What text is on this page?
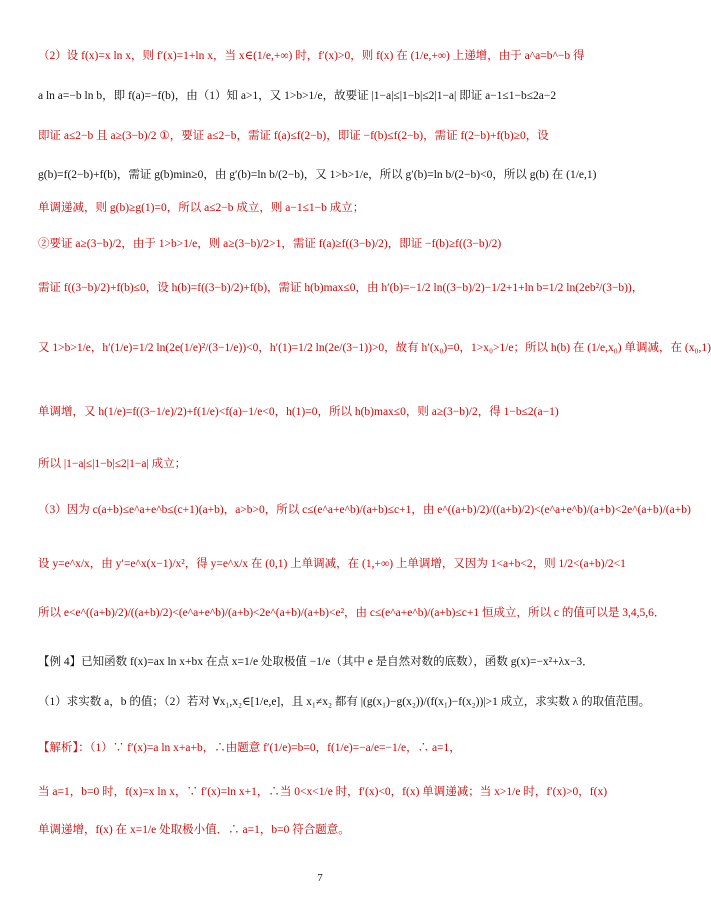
（2）设 f(x)=x ln x，则 f′(x)=1+ln x，当 x∈(1/e,+∞) 时，f′(x)>0，则 f(x) 在 (1/e,+∞) 上递增，由于 a^a=b^−b 得
a ln a=−b ln b，即 f(a)=−f(b)，由（1）知 a>1，又 1>b>1/e，故要证 |1−a|≤|1−b|≤2|1−a| 即证 a−1≤1−b≤2a−2
即证 a≤2−b 且 a≥(3−b)/2 ①，要证 a≤2−b，需证 f(a)≤f(2−b)，即证 −f(b)≤f(2−b)，需证 f(2−b)+f(b)≥0，设
g(b)=f(2−b)+f(b)，需证 g(b)min≥0，由 g′(b)=ln b/(2−b)，又 1>b>1/e，所以 g′(b)=ln b/(2−b)<0，所以 g(b) 在 (1/e,1)
单调递减，则 g(b)≥g(1)=0，所以 a≤2−b 成立，则 a−1≤1−b 成立；
②要证 a≥(3−b)/2，由于 1>b>1/e，则 a≥(3−b)/2>1，需证 f(a)≥f((3−b)/2)，即证 −f(b)≥f((3−b)/2)
需证 f((3−b)/2)+f(b)≤0，设 h(b)=f((3−b)/2)+f(b)，需证 h(b)max≤0，由 h′(b)=−1/2 ln((3−b)/2)−1/2+1+ln b=1/2 ln(2eb²/(3−b))，
又 1>b>1/e，h′(1/e)=1/2 ln(2e(1/e)²/(3−1/e))<0，h′(1)=1/2 ln(2e/(3−1))>0，故有 h′(x₀)=0，1>x₀>1/e；所以 h(b) 在 (1/e,x₀) 单调减，在 (x₀,1)
单调增，又 h(1/e)=f((3−1/e)/2)+f(1/e)<f(a)−1/e<0，h(1)=0，所以 h(b)max≤0，则 a≥(3−b)/2，得 1−b≤2(a−1)
所以 |1−a|≤|1−b|≤2|1−a| 成立；
（3）因为 c(a+b)≤e^a+e^b≤(c+1)(a+b)，a>b>0，所以 c≤(e^a+e^b)/(a+b)≤c+1，由 e^((a+b)/2)/((a+b)/2)<(e^a+e^b)/(a+b)<2e^(a+b)/(a+b)
设 y=e^x/x，由 y′=e^x(x−1)/x²，得 y=e^x/x 在 (0,1) 上单调减，在 (1,+∞) 上单调增，又因为 1<a+b<2，则 1/2<(a+b)/2<1
所以 e<e^((a+b)/2)/((a+b)/2)<(e^a+e^b)/(a+b)<2e^(a+b)/(a+b)<e²，由 c≤(e^a+e^b)/(a+b)≤c+1 恒成立，所以 c 的值可以是 3,4,5,6．
【例 4】已知函数 f(x)=ax ln x+bx 在点 x=1/e 处取极值 −1/e（其中 e 是自然对数的底数），函数 g(x)=−x²+λx−3．
（1）求实数 a，b 的值；（2）若对 ∀x₁,x₂∈[1/e,e]，且 x₁≠x₂ 都有 |(g(x₁)−g(x₂))/(f(x₁)−f(x₂))|>1 成立，求实数 λ 的取值范围。
【解析】：（1）∵ f′(x)=a ln x+a+b，∴由题意 f′(1/e)=b=0，f(1/e)=−a/e=−1/e，∴ a=1，
当 a=1，b=0 时，f(x)=x ln x，∵ f′(x)=ln x+1，∴当 0<x<1/e 时，f′(x)<0，f(x) 单调递减；当 x>1/e 时，f′(x)>0，f(x)
单调递增，f(x) 在 x=1/e 处取极小值．∴ a=1，b=0 符合题意。
7
